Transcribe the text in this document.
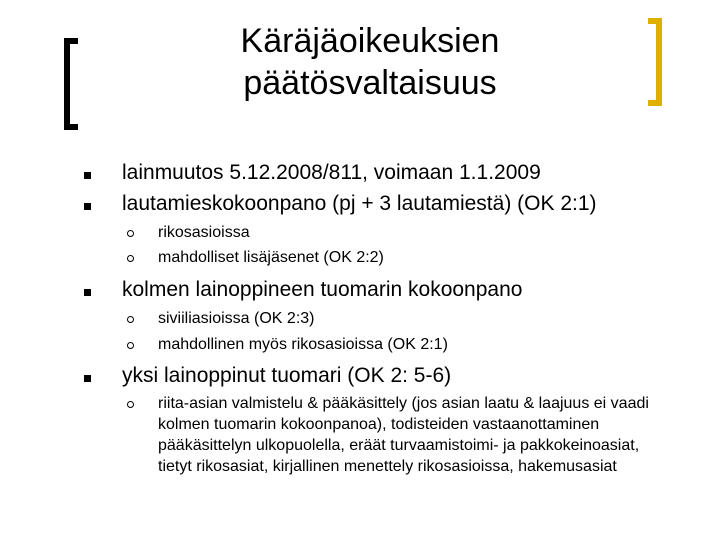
Käräjäoikeuksien
päätösvaltaisuus
lainmuutos 5.12.2008/811, voimaan 1.1.2009
lautamieskokoonpano (pj + 3 lautamiestä) (OK 2:1)
rikosasioissa
mahdolliset lisäjäsenet (OK 2:2)
kolmen lainoppineen tuomarin kokoonpano
siviiliasioissa (OK 2:3)
mahdollinen myös rikosasioissa (OK 2:1)
yksi lainoppinut tuomari (OK 2: 5-6)
riita-asian valmistelu & pääkäsittely (jos asian laatu & laajuus ei vaadi kolmen tuomarin kokoonpanoa), todisteiden vastaanottaminen pääkäsittelyn ulkopuolella, eräät turvaamistoimi- ja pakkokeinoasiat, tietyt rikosasiat, kirjallinen menettely rikosasioissa, hakemusasiat
